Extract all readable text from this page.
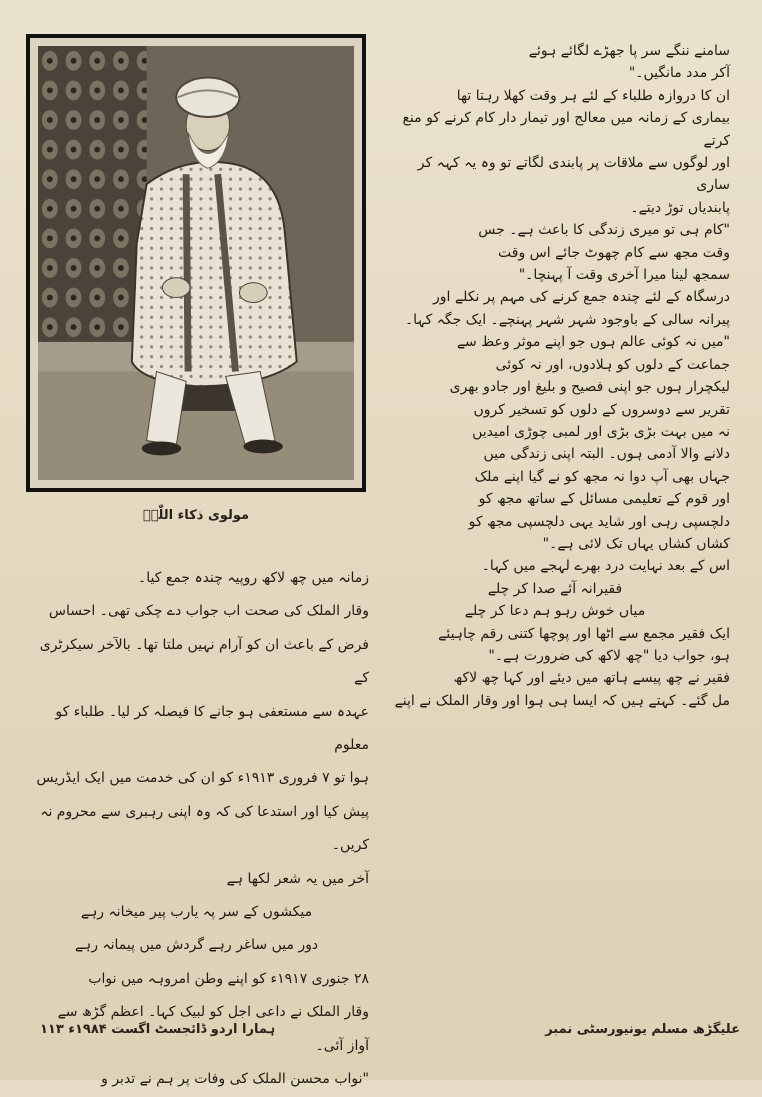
مولوی ذکاء اللّٰہؒ

سامنے ننگے سر پا جھڑے لگائے ہوئے

آکر مدد مانگیں۔"

ان کا دروازہ طلباء کے لئے ہر وقت کھلا رہتا تھا

بیماری کے زمانہ میں معالج اور تیمار دار کام کرنے کو منع کرتے

اور لوگوں سے ملاقات پر پابندی لگاتے تو وہ یہ کہہ کر ساری

پابندیاں توڑ دیتے۔

"کام ہی تو میری زندگی کا باعث ہے۔ جس

وقت مجھ سے کام چھوٹ جائے اس وقت

سمجھ لینا میرا آخری وقت آ پہنچا۔"

درسگاہ کے لئے چندہ جمع کرنے کی مہم پر نکلے اور

پیرانہ سالی کے باوجود شہر شہر پہنچے۔ ایک جگہ کہا۔

"میں نہ کوئی عالم ہوں جو اپنے موثر وعظ سے

جماعت کے دلوں کو ہلادوں، اور نہ کوئی

لیکچرار ہوں جو اپنی فصیح و بلیغ اور جادو بھری

تقریر سے دوسروں کے دلوں کو تسخیر کروں

نہ میں بہت بڑی بڑی اور لمبی چوڑی امیدیں

دلانے والا آدمی ہوں۔ البتہ اپنی زندگی میں

جہاں بھی آپ دوا نہ مجھ کو نے گیا اپنے ملک

اور قوم کے تعلیمی مسائل کے ساتھ مجھ کو

دلچسپی رہی اور شاید یہی دلچسپی مجھ کو

کشاں کشاں یہاں تک لائی ہے۔"

اس کے بعد نہایت درد بھرے لہجے میں کہا۔

فقیرانہ آئے صدا کر چلے

میاں خوش رہو ہم دعا کر چلے

ایک فقیر مجمع سے اٹھا اور پوچھا کتنی رقم چاہیئے

ہو، جواب دیا "چھ لاکھ کی ضرورت ہے۔"

فقیر نے چھ پیسے ہاتھ میں دیئے اور کہا چھ لاکھ

مل گئے۔ کہتے ہیں کہ ایسا ہی ہوا اور وقار الملک نے اپنے

زمانہ میں چھ لاکھ روپیہ چندہ جمع کیا۔

وقار الملک کی صحت اب جواب دے چکی تھی۔ احساس

فرض کے باعث ان کو آرام نہیں ملتا تھا۔ بالآخر سیکرٹری کے

عہدہ سے مستعفی ہو جانے کا فیصلہ کر لیا۔ طلباء کو معلوم

ہوا تو ۷ فروری ۱۹۱۳ء کو ان کی خدمت میں ایک ایڈریس

پیش کیا اور استدعا کی کہ وہ اپنی رہبری سے محروم نہ کریں۔

آخر میں یہ شعر لکھا ہے

میکشوں کے سر پہ یارب پیر میخانہ رہے

دور میں ساغر رہے گردش میں پیمانہ رہے

۲۸ جنوری ۱۹۱۷ء کو اپنے وطن امروہہ میں نواب

وقار الملک نے داعی اجل کو لبیک کہا۔ اعظم گڑھ سے

آواز آئی۔

"نواب محسن الملک کی وفات پر ہم نے تدبر و

ہمارا اردو ڈائجسٹ اگست ۱۹۸۴ء ۱۱۳	علیگڑھ مسلم یونیورسٹی نمبر
